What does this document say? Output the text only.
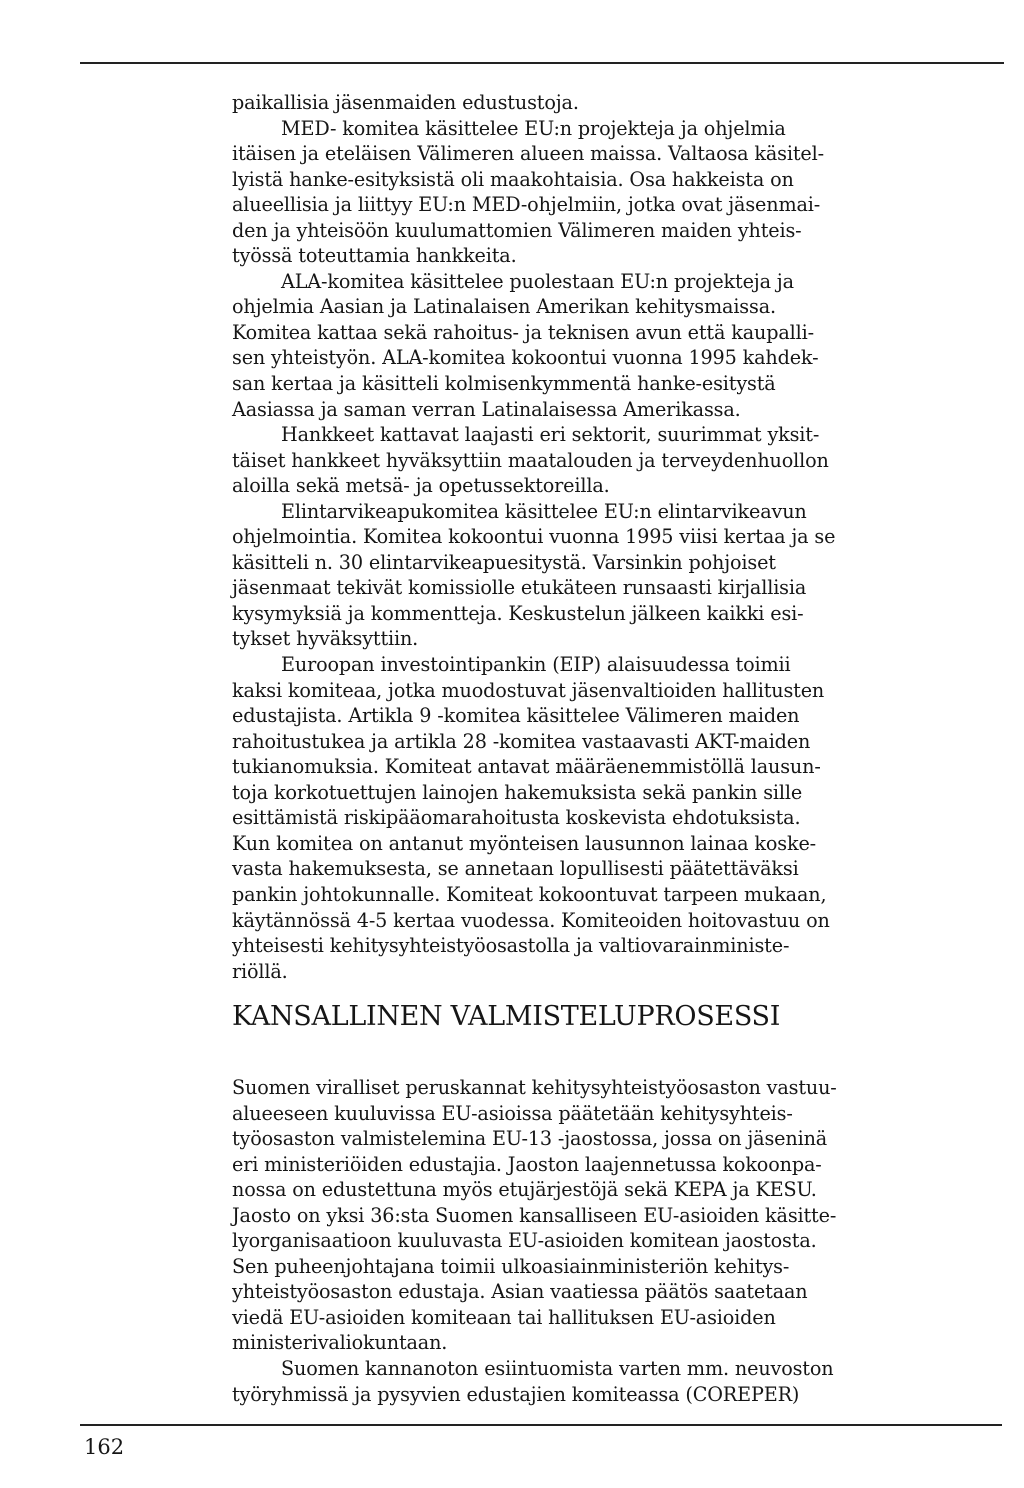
paikallisia jäsenmaiden edustustoja.

MED- komitea käsittelee EU:n projekteja ja ohjelmia

itäisen ja eteläisen Välimeren alueen maissa. Valtaosa käsitel-

lyistä hanke-esityksistä oli maakohtaisia. Osa hakkeista on

alueellisia ja liittyy EU:n MED-ohjelmiin, jotka ovat jäsenmai-

den ja yhteisöön kuulumattomien Välimeren maiden yhteis-

työssä toteuttamia hankkeita.

ALA-komitea käsittelee puolestaan EU:n projekteja ja

ohjelmia Aasian ja Latinalaisen Amerikan kehitysmaissa.

Komitea kattaa sekä rahoitus- ja teknisen avun että kaupalli-

sen yhteistyön. ALA-komitea kokoontui vuonna 1995 kahdek-

san kertaa ja käsitteli kolmisenkymmentä hanke-esitystä

Aasiassa ja saman verran Latinalaisessa Amerikassa.

Hankkeet kattavat laajasti eri sektorit, suurimmat yksit-

täiset hankkeet hyväksyttiin maatalouden ja terveydenhuollon

aloilla sekä metsä- ja opetussektoreilla.

Elintarvikeapukomitea käsittelee EU:n elintarvikeavun

ohjelmointia. Komitea kokoontui vuonna 1995 viisi kertaa ja se

käsitteli n. 30 elintarvikeapuesitystä. Varsinkin pohjoiset

jäsenmaat tekivät komissiolle etukäteen runsaasti kirjallisia

kysymyksiä ja kommentteja. Keskustelun jälkeen kaikki esi-

tykset hyväksyttiin.

Euroopan investointipankin (EIP) alaisuudessa toimii

kaksi komiteaa, jotka muodostuvat jäsenvaltioiden hallitusten

edustajista. Artikla 9 -komitea käsittelee Välimeren maiden

rahoitustukea ja artikla 28 -komitea vastaavasti AKT-maiden

tukianomuksia. Komiteat antavat määräenemmistöllä lausun-

toja korkotuettujen lainojen hakemuksista sekä pankin sille

esittämistä riskipääomarahoitusta koskevista ehdotuksista.

Kun komitea on antanut myönteisen lausunnon lainaa koske-

vasta hakemuksesta, se annetaan lopullisesti päätettäväksi

pankin johtokunnalle. Komiteat kokoontuvat tarpeen mukaan,

käytännössä 4-5 kertaa vuodessa. Komiteoiden hoitovastuu on

yhteisesti kehitysyhteistyöosastolla ja valtiovarainministe-

riöllä.

KANSALLINEN VALMISTELUPROSESSI

Suomen viralliset peruskannat kehitysyhteistyöosaston vastuu-

alueeseen kuuluvissa EU-asioissa päätetään kehitysyhteis-

työosaston valmistelemina EU-13 -jaostossa, jossa on jäseninä

eri ministeriöiden edustajia. Jaoston laajennetussa kokoonpa-

nossa on edustettuna myös etujärjestöjä sekä KEPA ja KESU.

Jaosto on yksi 36:sta Suomen kansalliseen EU-asioiden käsitte-

lyorganisaatioon kuuluvasta EU-asioiden komitean jaostosta.

Sen puheenjohtajana toimii ulkoasiainministeriön kehitys-

yhteistyöosaston edustaja. Asian vaatiessa päätös saatetaan

viedä EU-asioiden komiteaan tai hallituksen EU-asioiden

ministerivaliokuntaan.

Suomen kannanoton esiintuomista varten mm. neuvoston

työryhmissä ja pysyvien edustajien komiteassa (COREPER)

162
